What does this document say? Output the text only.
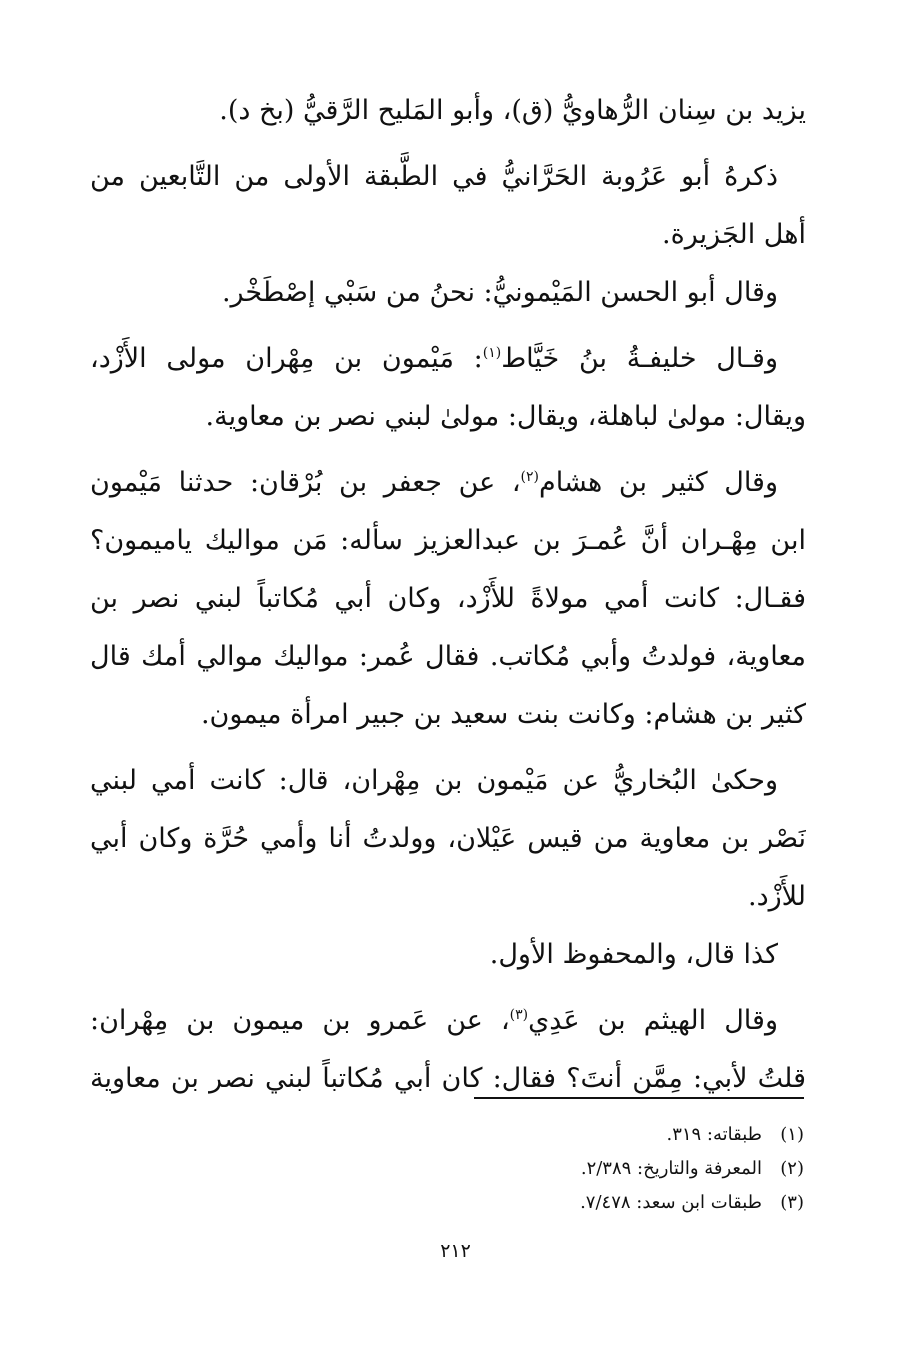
يزيد بن سِنان الرُّهاويُّ (ق)، وأبو المَليح الرَّقيُّ (بخ د).
ذكرهُ أبو عَرُوبة الحَرَّانيُّ في الطَّبقة الأولى من التَّابعين من
أهل الجَزيرة.
وقال أبو الحسن المَيْمونيُّ: نحنُ من سَبْي إصْطَخْر.
وقـال خليفـةُ بنُ خَيَّاط$^{(١)}$: مَيْمون بن مِهْران مولى الأَزْد،
ويقال: مولىٰ لباهلة، ويقال: مولىٰ لبني نصر بن معاوية.
وقال كثير بن هشام$^{(٢)}$، عن جعفر بن بُرْقان: حدثنا مَيْمون
ابن مِهْـران أنَّ عُمـرَ بن عبدالعزيز سأله: مَن مواليك ياميمون؟
فقـال: كانت أمي مولاةً للأَزْد، وكان أبي مُكاتباً لبني نصر بن
معاوية، فولدتُ وأبي مُكاتب. فقال عُمر: مواليك موالي أمك قال
كثير بن هشام: وكانت بنت سعيد بن جبير امرأة ميمون.
وحكىٰ البُخاريُّ عن مَيْمون بن مِهْران، قال: كانت أمي لبني
نَصْر بن معاوية من قيس عَيْلان، وولدتُ أنا وأمي حُرَّة وكان أبي
للأَزْد.
كذا قال، والمحفوظ الأول.
وقال الهيثم بن عَدِي$^{(٣)}$، عن عَمرو بن ميمون بن مِهْران:
قلتُ لأبي: مِمَّن أنتَ؟ فقال: كان أبي مُكاتباً لبني نصر بن معاوية
(١)طبقاته: ٣١٩.
(٢)المعرفة والتاريخ: ٢/٣٨٩.
(٣)طبقات ابن سعد: ٧/٤٧٨.
٢١٢
